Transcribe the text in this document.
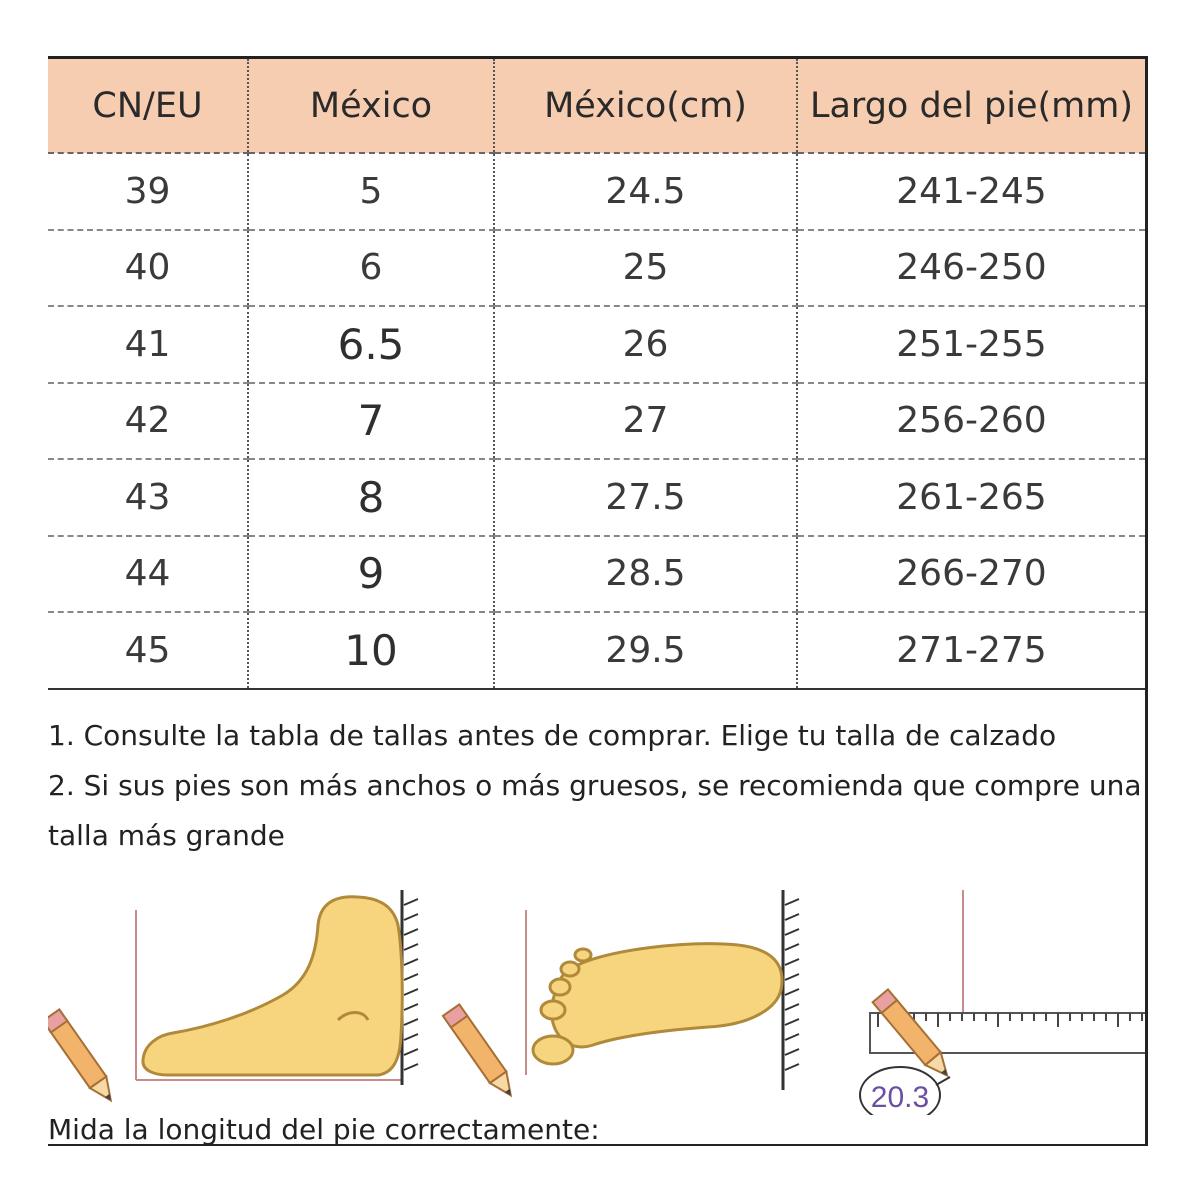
CN/EU	México	México(cm)	Largo del pie(mm)
39	5	24.5	241-245
40	6	25	246-250
41	6.5	26	251-255
42	7	27	256-260
43	8	27.5	261-265
44	9	28.5	266-270
45	10	29.5	271-275
1. Consulte la tabla de tallas antes de comprar. Elige tu talla de calzado
2. Si sus pies son más anchos o más gruesos, se recomienda que compre una
talla más grande
20.3
Mida la longitud del pie correctamente:
